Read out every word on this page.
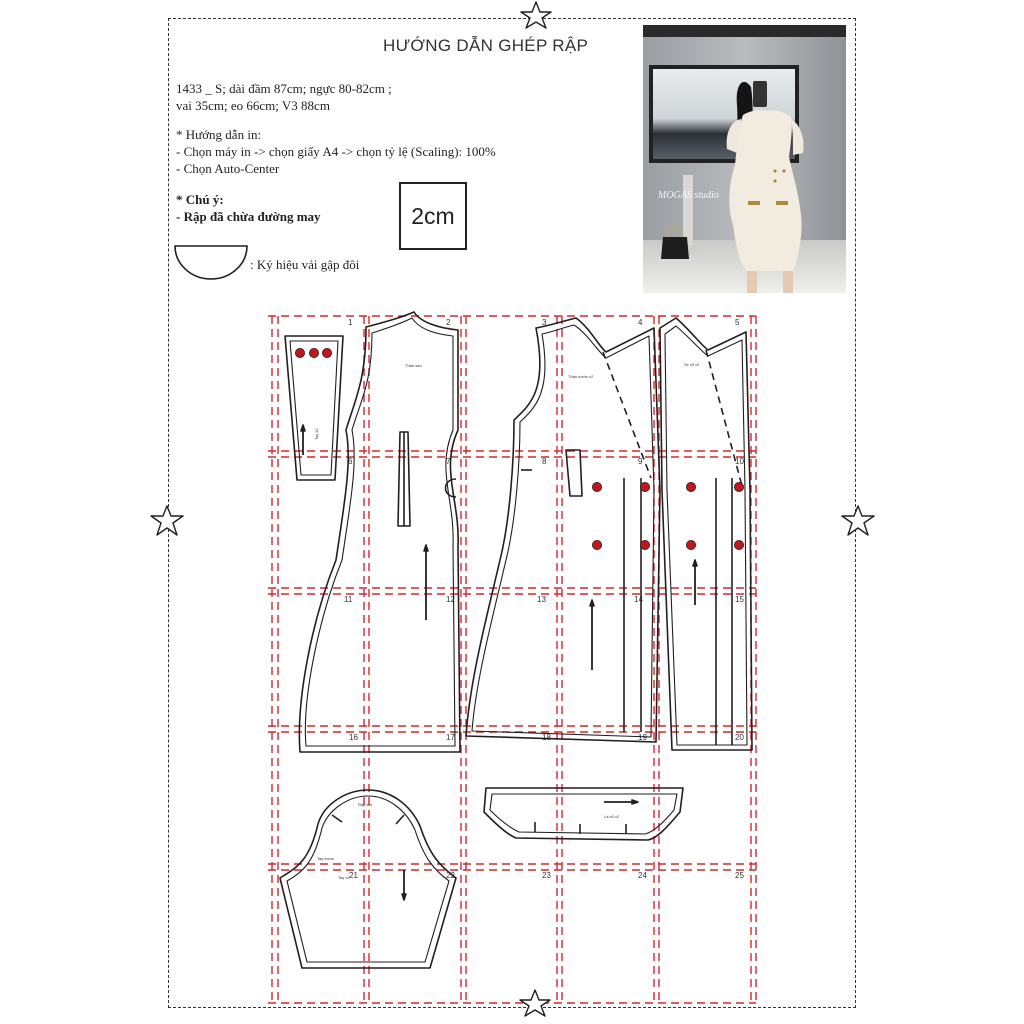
HƯỚNG DẪN GHÉP RẬP
1433 _ S; dài đầm 87cm; ngực 80-82cm ;
vai 35cm; eo 66cm; V3 88cm
* Hướng dẫn in:
- Chọn máy in -> chọn giấy A4 -> chọn tỷ lệ (Scaling): 100%
- Chọn Auto-Center
* Chú ý:
- Rập đã chừa đường may	2cm
: Ký hiệu vải gập đôi
MOGAS studio
1	2	3	4	5
6	7	8	9	10
11	12	13	14	15
16	17	18	19	20
21	22	23	24	25
Tay x2
Thân sau
Thân trước x2
Ve cổ x2
Rập tán
Tay trước
Tay x2
Lá cổ x2
